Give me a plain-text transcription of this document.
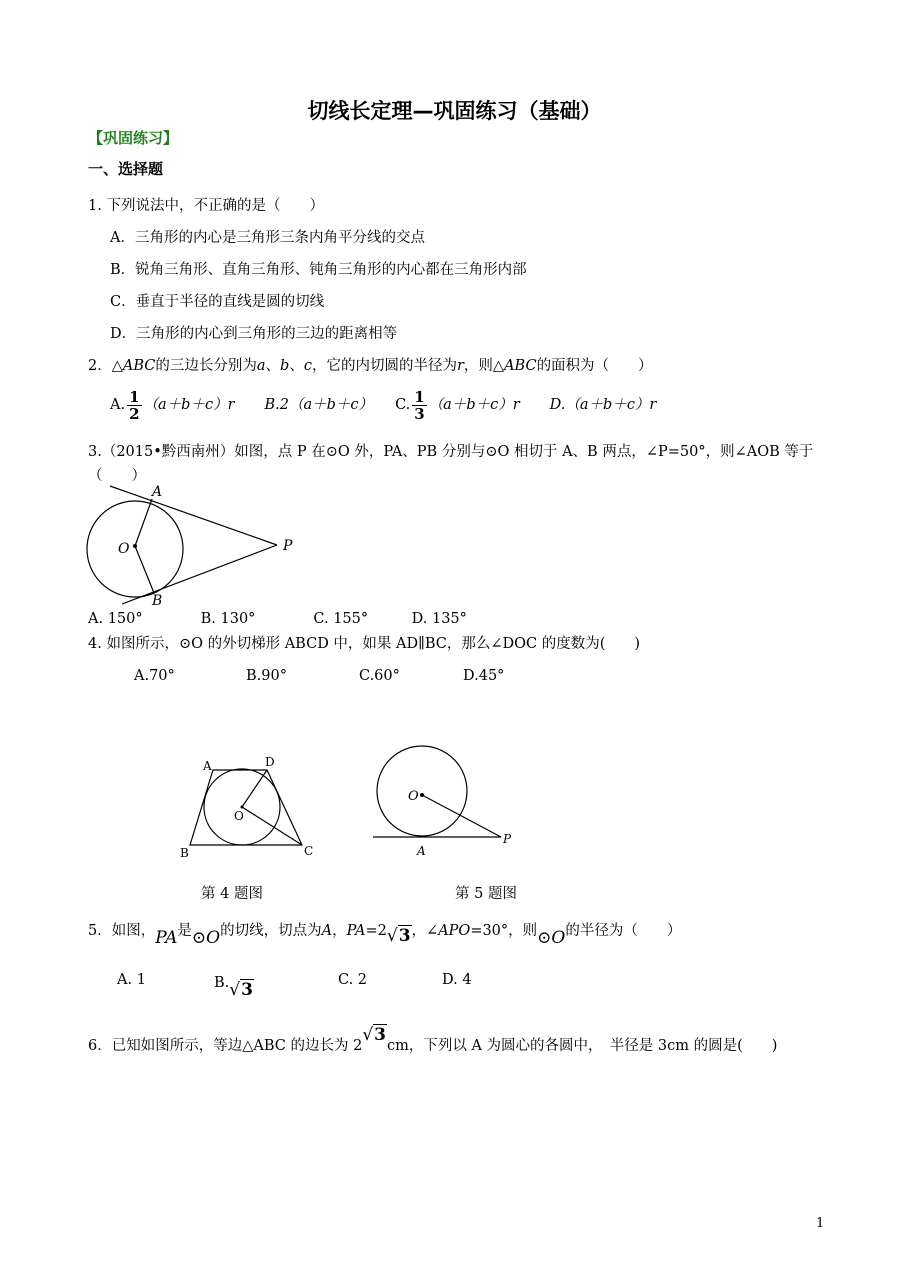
切线长定理—巩固练习（基础）
【巩固练习】
一、选择题
1. 下列说法中，不正确的是（　　）
A．三角形的内心是三角形三条内角平分线的交点
B．锐角三角形、直角三角形、钝角三角形的内心都在三角形内部
C．垂直于半径的直线是圆的切线
D．三角形的内心到三角形的三边的距离相等
2．△ABC的三边长分别为a、b、c，它的内切圆的半径为r，则△ABC的面积为（　　）
A. $\frac{1}{2} (a+b+c)r$ B.2（a＋b＋c） C. $\frac{1}{3} (a+b+c)r$ D.（a＋b＋c）r
3.（2015•黔西南州）如图，点 P 在⊙O 外，PA、PB 分别与⊙O 相切于 A、B 两点，∠P=50°，则∠AOB 等于
（　　）
A
B
O	P
A. 150°　　　　B. 130°　　　　C. 155°　　　D. 135°
4. 如图所示，⊙O 的外切梯形 ABCD 中，如果 AD∥BC，那么∠DOC 的度数为(　　)
A.70°	B.90°	C.60°	D.45°
A	D
B	C
O
O
A
P
第 4 题图	第 5 题图
5．如图，PA是⊙O的切线，切点为A，PA=2√3，∠APO=30°，则⊙O的半径为（　　）
A. 1	B.√3	C. 2	D. 4
6．已知如图所示，等边△ABC 的边长为 2√3cm，下列以 A 为圆心的各圆中，　半径是 3cm 的圆是(　　)
1
